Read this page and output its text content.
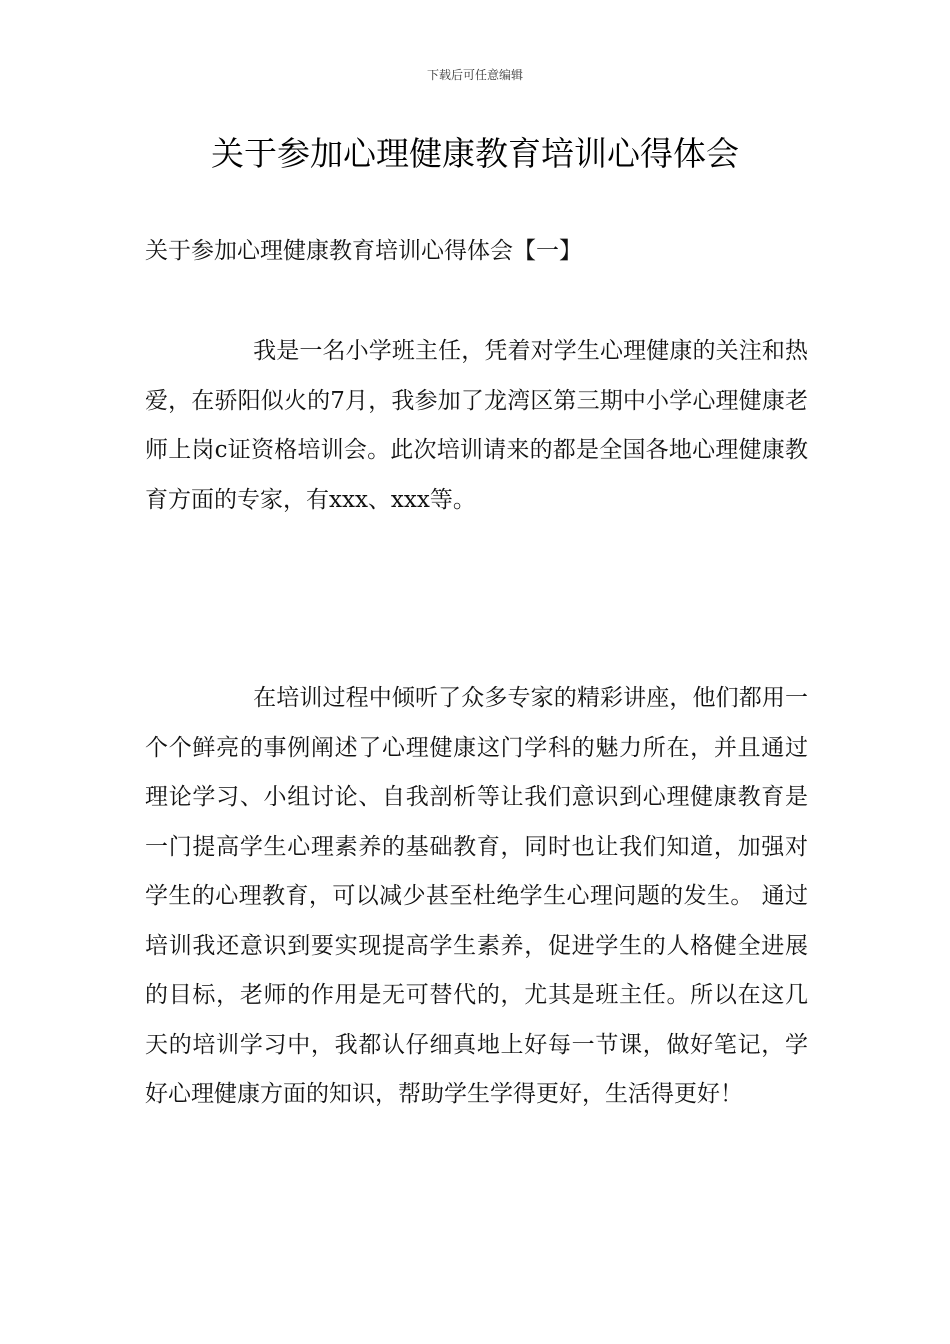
下载后可任意编辑
关于参加心理健康教育培训心得体会
关于参加心理健康教育培训心得体会【一】

我是一名小学班主任，凭着对学生心理健康的关注和热爱，在骄阳似火的7月，我参加了龙湾区第三期中小学心理健康老师上岗c证资格培训会。此次培训请来的都是全国各地心理健康教育方面的专家，有xxx、xxx等。

在培训过程中倾听了众多专家的精彩讲座，他们都用一个个鲜亮的事例阐述了心理健康这门学科的魅力所在，并且通过理论学习、小组讨论、自我剖析等让我们意识到心理健康教育是一门提高学生心理素养的基础教育，同时也让我们知道，加强对学生的心理教育，可以减少甚至杜绝学生心理问题的发生。 通过培训我还意识到要实现提高学生素养，促进学生的人格健全进展的目标，老师的作用是无可替代的，尤其是班主任。所以在这几天的培训学习中，我都认仔细真地上好每一节课，做好笔记，学好心理健康方面的知识，帮助学生学得更好，生活得更好！
